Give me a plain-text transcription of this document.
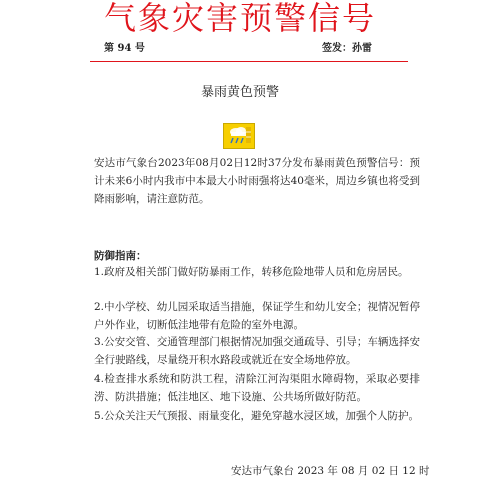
气象灾害预警信号
第 94 号	签发：孙雷
暴雨黄色预警
安达市气象台2023年08月02日12时37分发布暴雨黄色预警信号：预计未来6小时内我市中本最大小时雨强将达40毫米，周边乡镇也将受到降雨影响，请注意防范。
防御指南：
1.政府及相关部门做好防暴雨工作，转移危险地带人员和危房居民。
2.中小学校、幼儿园采取适当措施，保证学生和幼儿安全；视情况暂停户外作业，切断低洼地带有危险的室外电源。
3.公安交管、交通管理部门根据情况加强交通疏导、引导；车辆选择安全行驶路线，尽量绕开积水路段或就近在安全场地停放。
4.检查排水系统和防洪工程，清除江河沟渠阻水障碍物，采取必要排涝、防洪措施；低洼地区、地下设施、公共场所做好防范。
5.公众关注天气预报、雨量变化，避免穿越水浸区域，加强个人防护。
安达市气象台 2023 年 08 月 02 日 12 时
